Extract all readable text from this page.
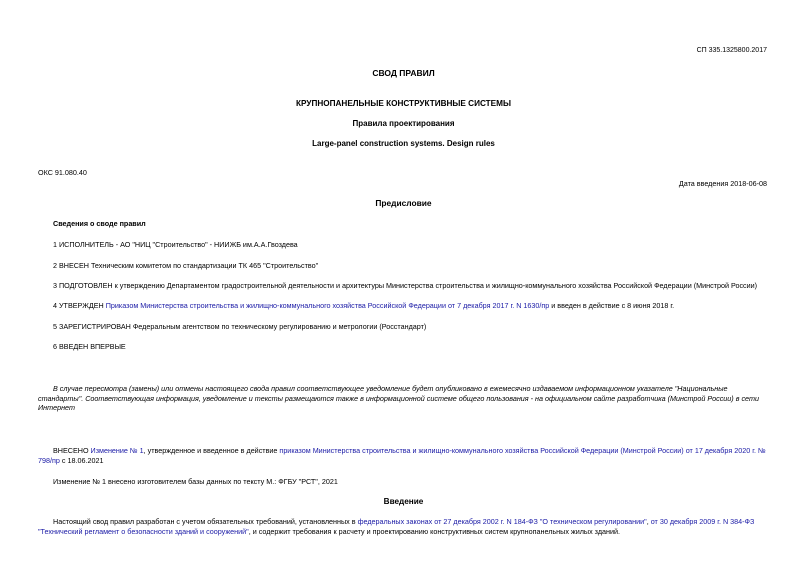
СП 335.1325800.2017
СВОД ПРАВИЛ
КРУПНОПАНЕЛЬНЫЕ КОНСТРУКТИВНЫЕ СИСТЕМЫ
Правила проектирования
Large-panel construction systems. Design rules
ОКС 91.080.40
Дата введения 2018-06-08
Предисловие
Сведения о своде правил
1 ИСПОЛНИТЕЛЬ - АО "НИЦ "Строительство" - НИИЖБ им.А.А.Гвоздева
2 ВНЕСЕН Техническим комитетом по стандартизации ТК 465 "Строительство"
3 ПОДГОТОВЛЕН к утверждению Департаментом градостроительной деятельности и архитектуры Министерства строительства и жилищно-коммунального хозяйства Российской Федерации (Минстрой России)
4 УТВЕРЖДЕН Приказом Министерства строительства и жилищно-коммунального хозяйства Российской Федерации от 7 декабря 2017 г. N 1630/пр и введен в действие с 8 июня 2018 г.
5 ЗАРЕГИСТРИРОВАН Федеральным агентством по техническому регулированию и метрологии (Росстандарт)
6 ВВЕДЕН ВПЕРВЫЕ
В случае пересмотра (замены) или отмены настоящего свода правил соответствующее уведомление будет опубликовано в ежемесячно издаваемом информационном указателе "Национальные стандарты". Соответствующая информация, уведомление и тексты размещаются также в информационной системе общего пользования - на официальном сайте разработчика (Минстрой России) в сети Интернет
ВНЕСЕНО Изменение № 1, утвержденное и введенное в действие приказом Министерства строительства и жилищно-коммунального хозяйства Российской Федерации (Минстрой России) от 17 декабря 2020 г. № 798/пр с 18.06.2021
Изменение № 1 внесено изготовителем базы данных по тексту М.: ФГБУ "РСТ", 2021
Введение
Настоящий свод правил разработан с учетом обязательных требований, установленных в федеральных законах от 27 декабря 2002 г. N 184-ФЗ "О техническом регулировании", от 30 декабря 2009 г. N 384-ФЗ "Технический регламент о безопасности зданий и сооружений", и содержит требования к расчету и проектированию конструктивных систем крупнопанельных жилых зданий.
